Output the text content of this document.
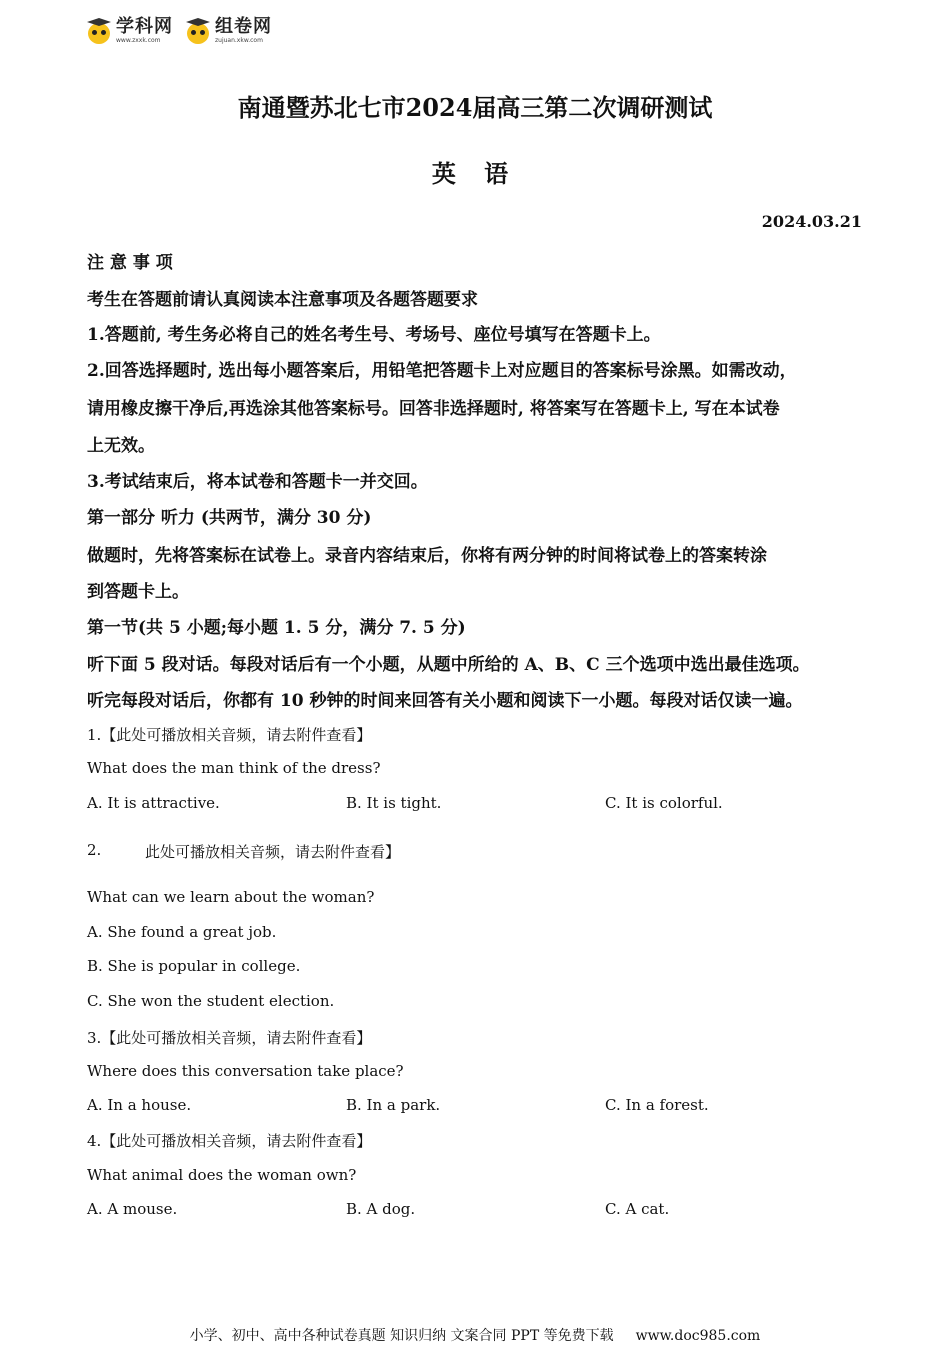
学科网
www.zxxk.com
组卷网
zujuan.xkw.com
南通暨苏北七市2024届高三第二次调研测试
英 语
2024.03.21
注 意 事 项
考生在答题前请认真阅读本注意事项及各题答题要求
1.答题前, 考生务必将自己的姓名考生号、考场号、座位号填写在答题卡上。
2.回答选择题时, 选出每小题答案后，用铅笔把答题卡上对应题目的答案标号涂黑。如需改动，
请用橡皮擦干净后,再选涂其他答案标号。回答非选择题时, 将答案写在答题卡上, 写在本试卷
上无效。
3.考试结束后，将本试卷和答题卡一并交回。
第一部分 听力 (共两节，满分 30 分)
做题时，先将答案标在试卷上。录音内容结束后，你将有两分钟的时间将试卷上的答案转涂
到答题卡上。
第一节(共 5 小题;每小题 1. 5 分，满分 7. 5 分)
听下面 5 段对话。每段对话后有一个小题，从题中所给的 A、B、C 三个选项中选出最佳选项。
听完每段对话后，你都有 10 秒钟的时间来回答有关小题和阅读下一小题。每段对话仅读一遍。
1.【此处可播放相关音频，请去附件查看】
What does the man think of the dress?
A. It is attractive.	B. It is tight.	C. It is colorful.
2.	此处可播放相关音频，请去附件查看】
What can we learn about the woman?
A. She found a great job.
B. She is popular in college.
C. She won the student election.
3.【此处可播放相关音频，请去附件查看】
Where does this conversation take place?
A. In a house.	B. In a park.	C. In a forest.
4.【此处可播放相关音频，请去附件查看】
What animal does the woman own?
A. A mouse.	B. A dog.	C. A cat.
小学、初中、高中各种试卷真题 知识归纳 文案合同 PPT 等免费下载 www.doc985.com
